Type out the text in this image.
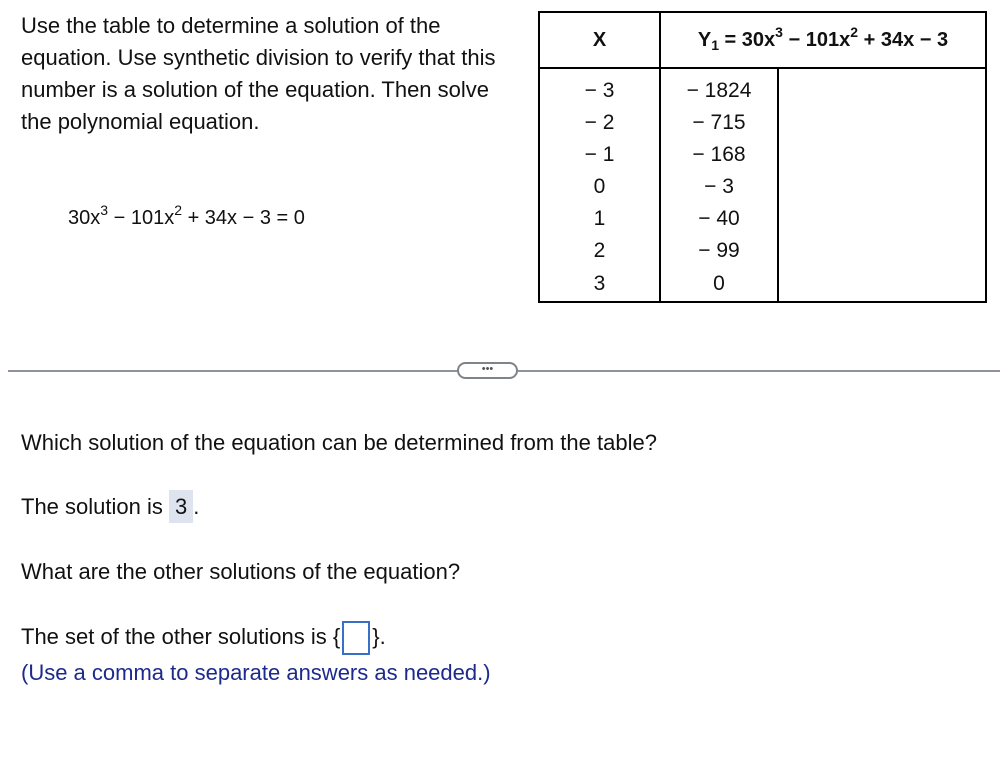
Use the table to determine a solution of the equation. Use synthetic division to verify that this number is a solution of the equation. Then solve the polynomial equation.
$30x^3 - 101x^2 + 34x - 3 = 0$
X	$Y_1 = 30x^3 - 101x^2 + 34x - 3$	
− 3	− 1824	
− 2	− 715	
− 1	− 168	
0	− 3	
1	− 40	
2	− 99	
3	0	
•••
Which solution of the equation can be determined from the table?
The solution is 3 .
What are the other solutions of the equation?
The set of the other solutions is { }.
(Use a comma to separate answers as needed.)
